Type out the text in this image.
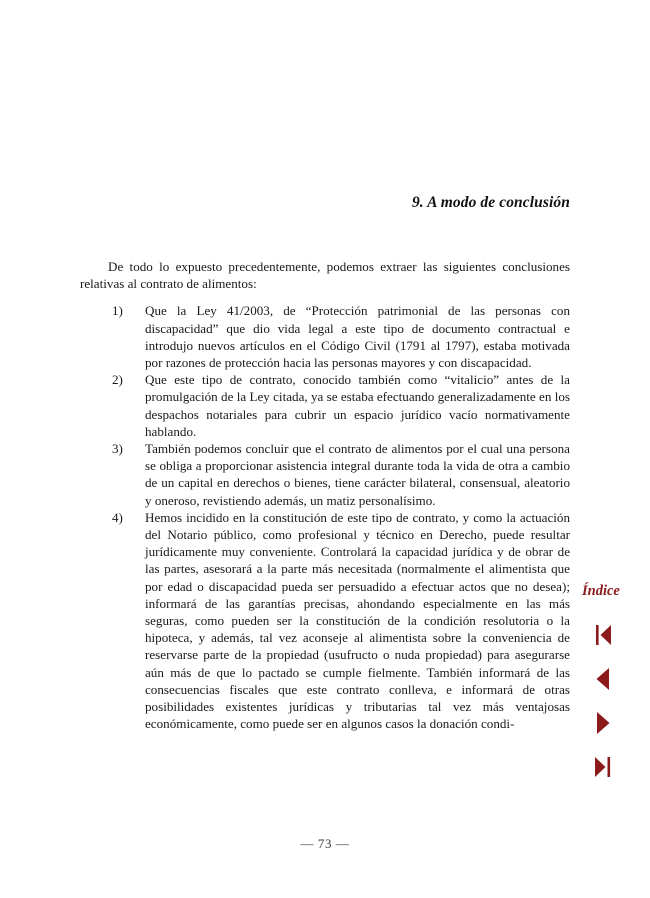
9. A modo de conclusión

De todo lo expuesto precedentemente, podemos extraer las siguientes conclusiones relativas al contrato de alimentos:

1)	Que la Ley 41/2003, de “Protección patrimonial de las personas con discapacidad” que dio vida legal a este tipo de documento contractual e introdujo nuevos artículos en el Código Civil (1791 al 1797), estaba motivada por razones de protección hacia las personas mayores y con discapacidad.
2)	Que este tipo de contrato, conocido también como “vitalicio” antes de la promulgación de la Ley citada, ya se estaba efectuando generalizadamente en los despachos notariales para cubrir un espacio jurídico vacío normativamente hablando.
3)	También podemos concluir que el contrato de alimentos por el cual una persona se obliga a proporcionar asistencia integral durante toda la vida de otra a cambio de un capital en derechos o bienes, tiene carácter bilateral, consensual, aleatorio y oneroso, revistiendo además, un matiz personalísimo.
4)	Hemos incidido en la constitución de este tipo de contrato, y como la actuación del Notario público, como profesional y técnico en Derecho, puede resultar jurídicamente muy conveniente. Controlará la capacidad jurídica y de obrar de las partes, asesorará a la parte más necesitada (normalmente el alimentista que por edad o discapacidad pueda ser persuadido a efectuar actos que no desea); informará de las garantías precisas, ahondando especialmente en las más seguras, como pueden ser la constitución de la condición resolutoria o la hipoteca, y además, tal vez aconseje al alimentista sobre la conveniencia de reservarse parte de la propiedad (usufructo o nuda propiedad) para asegurarse aún más de que lo pactado se cumple fielmente. También informará de las consecuencias fiscales que este contrato conlleva, e informará de otras posibilidades existentes jurídicas y tributarias tal vez más ventajosas económicamente, como puede ser en algunos casos la donación condi-
Índice
— 73 —
